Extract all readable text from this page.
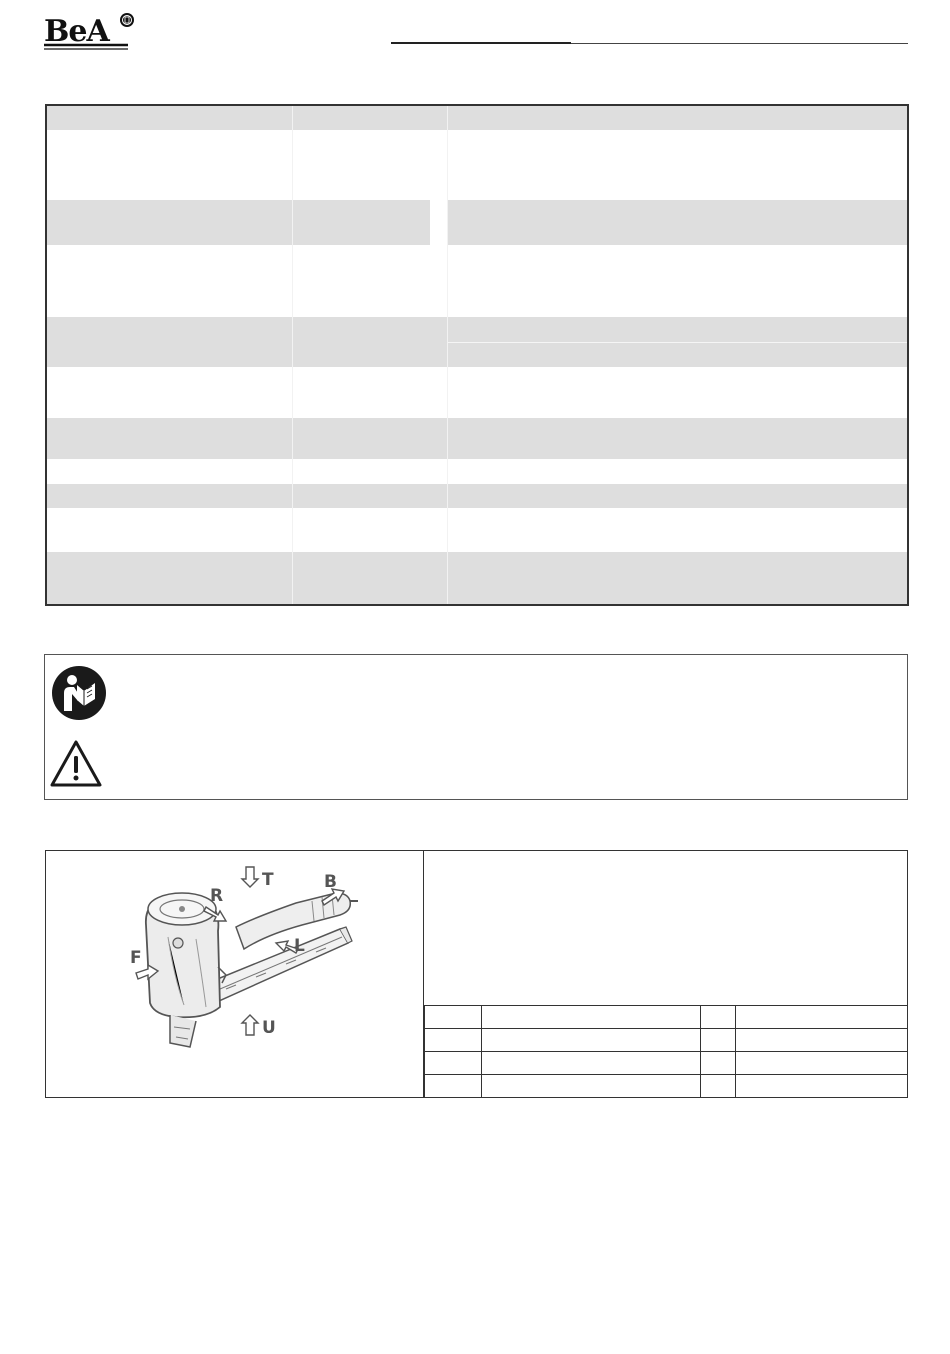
BeA
T	B
R
F
L
U
